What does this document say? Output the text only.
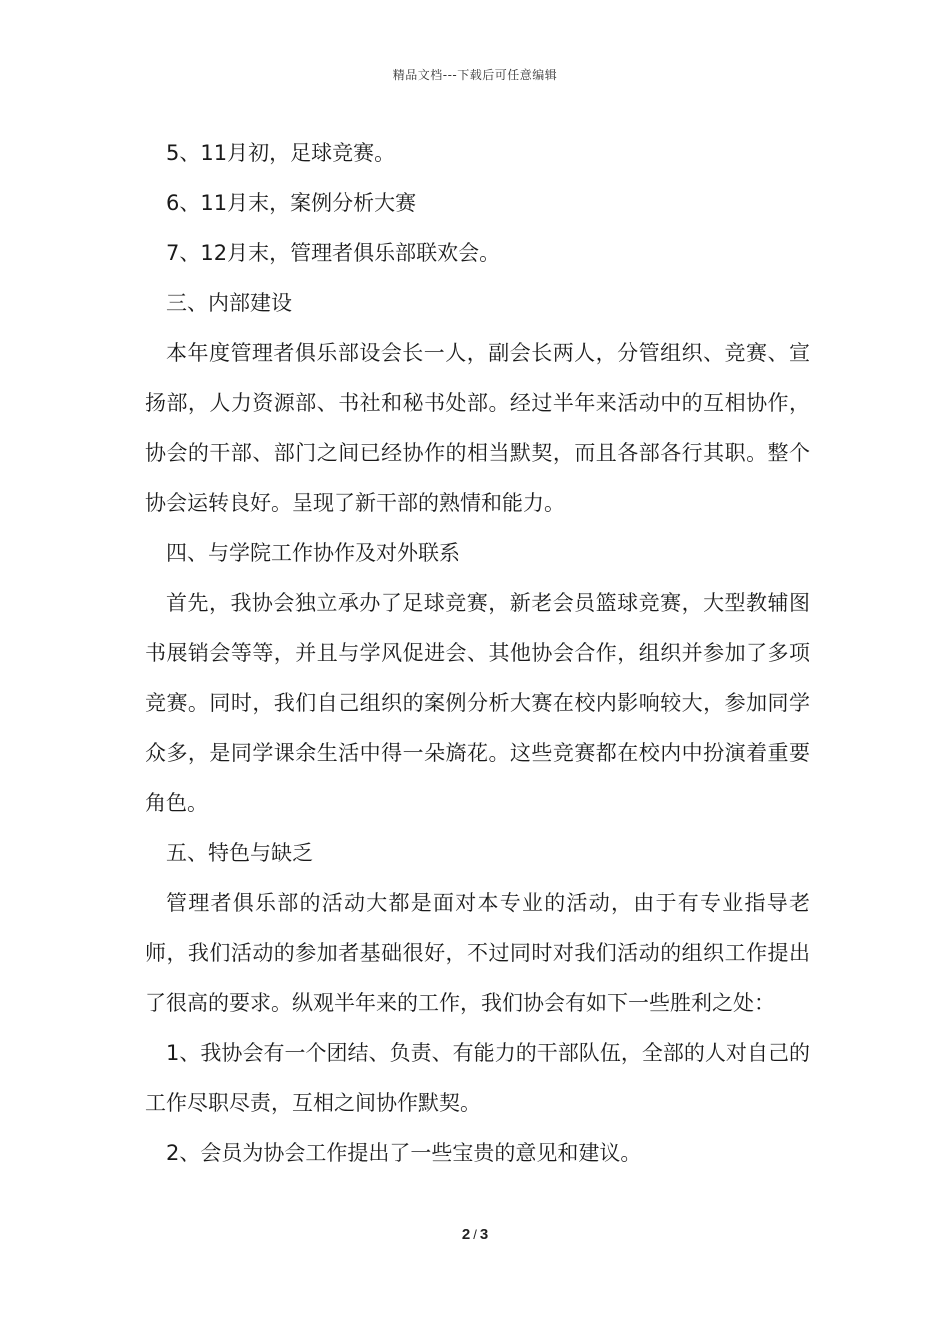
精品文档---下载后可任意编辑

5、11月初，足球竞赛。

6、11月末，案例分析大赛

7、12月末，管理者俱乐部联欢会。

三、内部建设

本年度管理者俱乐部设会长一人，副会长两人，分管组织、竞赛、宣扬部，人力资源部、书社和秘书处部。经过半年来活动中的互相协作，协会的干部、部门之间已经协作的相当默契，而且各部各行其职。整个协会运转良好。呈现了新干部的熟情和能力。

四、与学院工作协作及对外联系

首先，我协会独立承办了足球竞赛，新老会员篮球竞赛，大型教辅图书展销会等等，并且与学风促进会、其他协会合作，组织并参加了多项竞赛。同时，我们自己组织的案例分析大赛在校内影响较大，参加同学众多，是同学课余生活中得一朵旖花。这些竞赛都在校内中扮演着重要角色。

五、特色与缺乏

管理者俱乐部的活动大都是面对本专业的活动，由于有专业指导老师，我们活动的参加者基础很好，不过同时对我们活动的组织工作提出了很高的要求。纵观半年来的工作，我们协会有如下一些胜利之处：

1、我协会有一个团结、负责、有能力的干部队伍，全部的人对自己的工作尽职尽责，互相之间协作默契。

2、会员为协会工作提出了一些宝贵的意见和建议。

2 / 3
